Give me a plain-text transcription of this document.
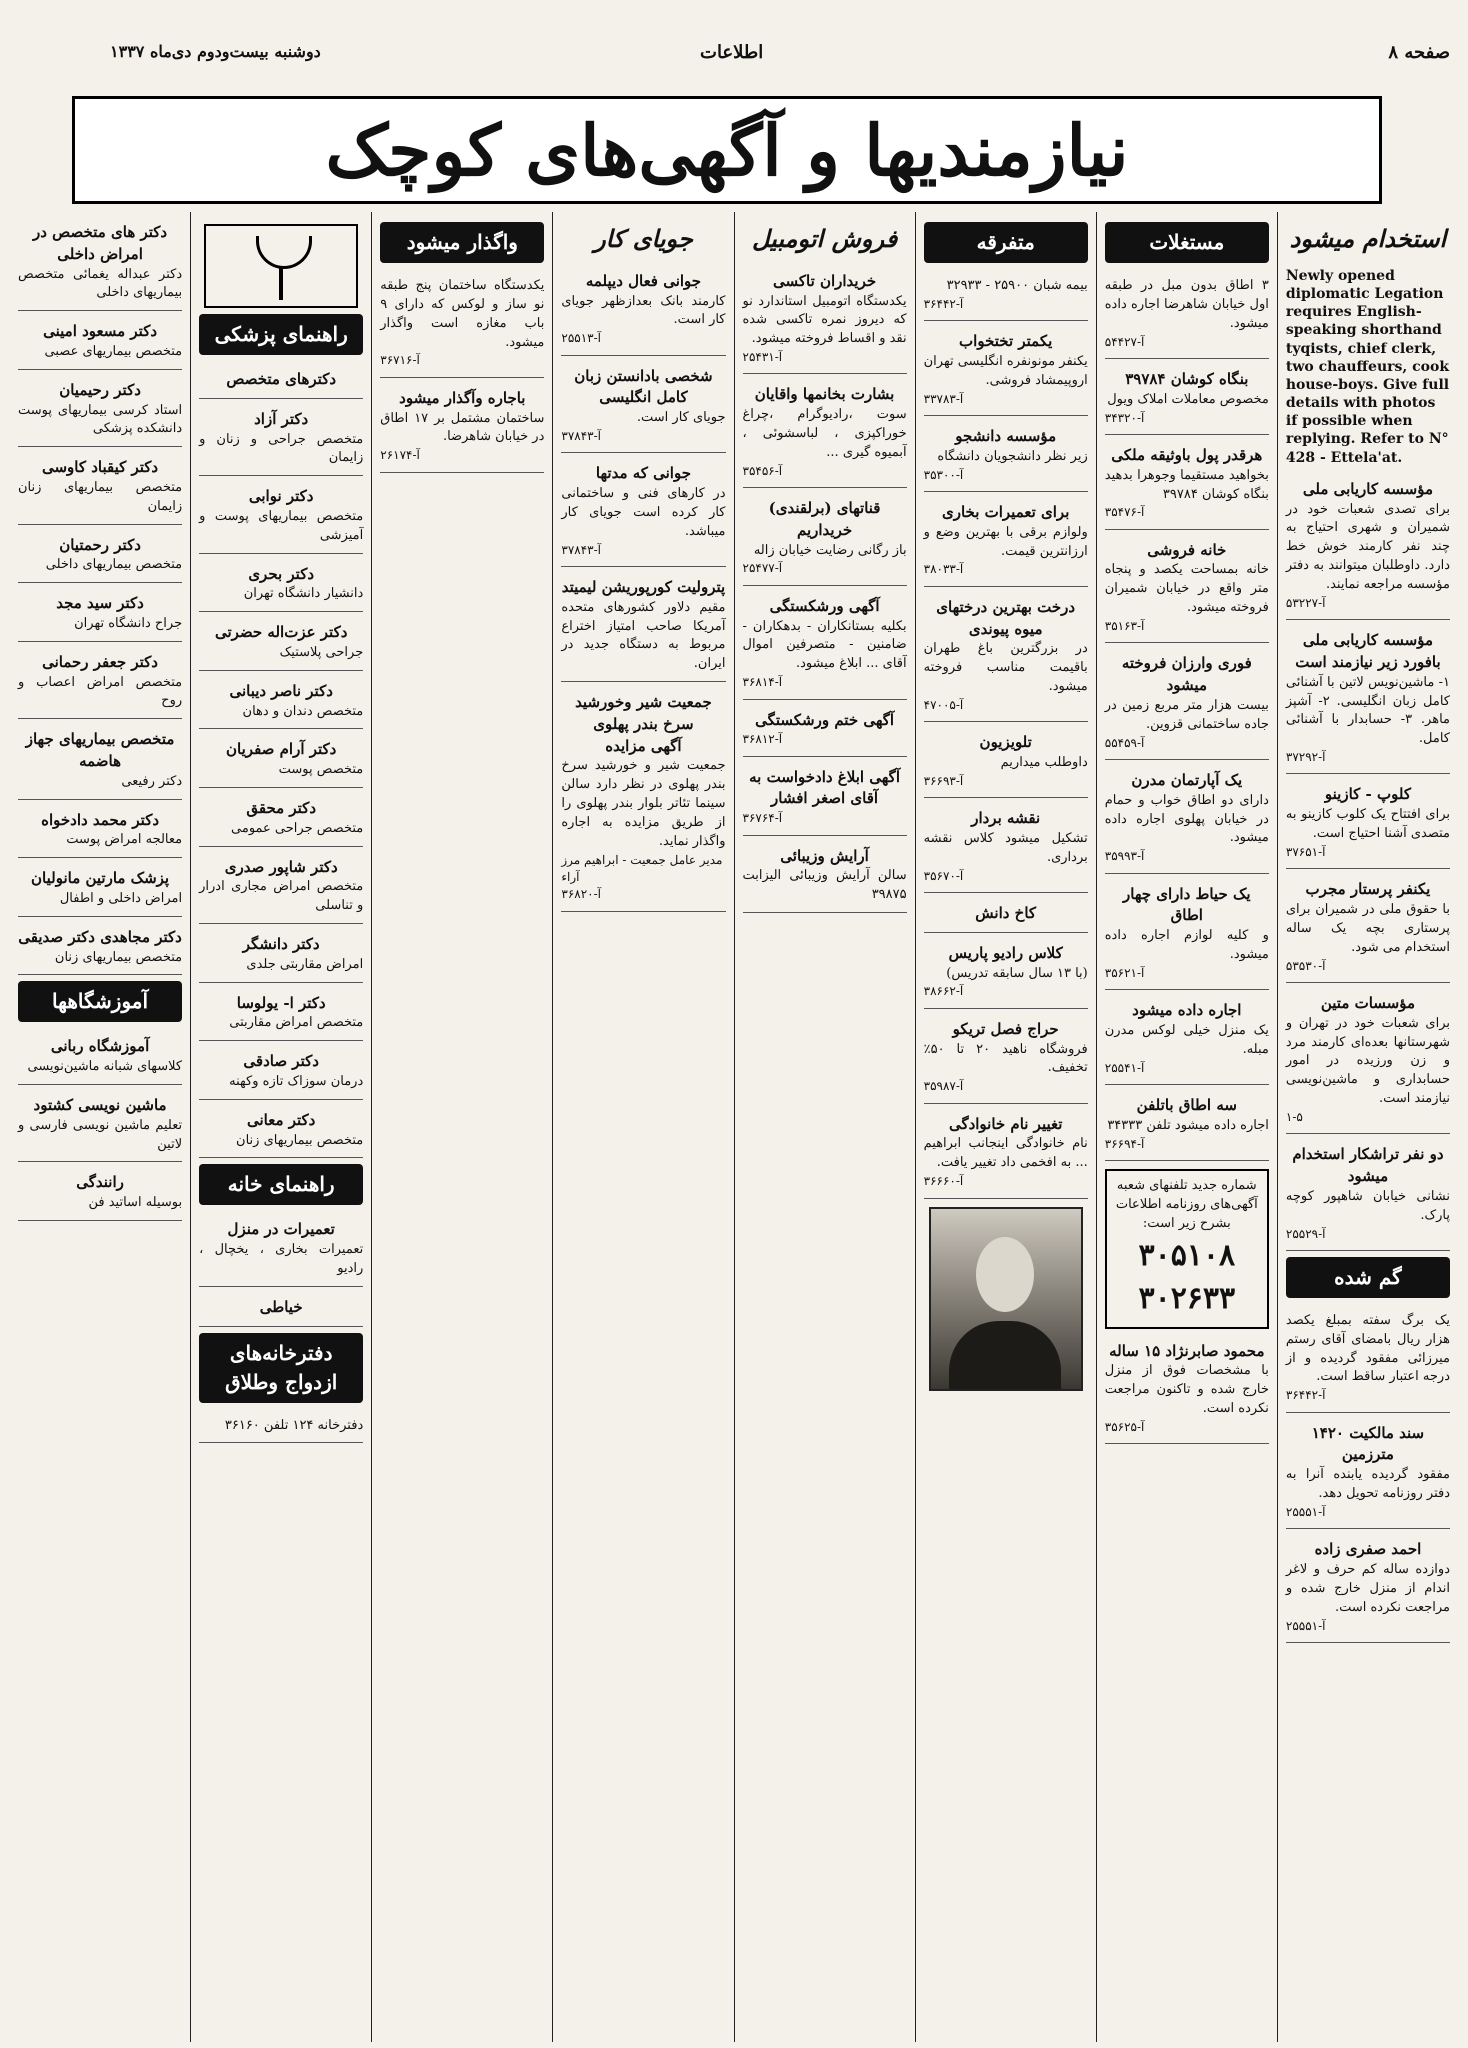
صفحه ۸
اطلاعات
دوشنبه بیست‌ودوم دی‌ماه ۱۳۳۷
نیازمندیها و آگهی‌های کوچک
استخدام میشود
Newly opened diplomatic Legation requires English-speaking shorthand tyqists, chief clerk, two chauffeurs, cook house-boys. Give full details with photos if possible when replying. Refer to N° 428 - Ettela'at.
مؤسسه کاریابی ملی
برای تصدی شعبات خود در شمیران و شهری احتیاج به چند نفر کارمند خوش خط دارد. داوطلبان میتوانند به دفتر مؤسسه مراجعه نمایند.
آ-۵۳۲۲۷
مؤسسه کاریابی ملی بافورد زیر نیازمند است
۱- ماشین‌نویس لاتین با آشنائی کامل زبان انگلیسی. ۲- آشپز ماهر. ۳- حسابدار با آشنائی کامل.
آ-۳۷۲۹۲
کلوپ - کازینو
برای افتتاح یک کلوب کازینو به متصدی آشنا احتیاج است.
آ-۳۷۶۵۱
یکنفر پرستار مجرب
با حقوق ملی در شمیران برای پرستاری بچه یک ساله استخدام می شود.
آ-۵۳۵۳۰
مؤسسات متین
برای شعبات خود در تهران و شهرستانها بعده‌ای کارمند مرد و زن ورزیده در امور حسابداری و ماشین‌نویسی نیازمند است.
۱-۵
دو نفر تراشکار استخدام میشود
نشانی خیابان شاهپور کوچه پارک.
آ-۲۵۵۲۹
گم شده
یک برگ سفته بمبلغ یکصد هزار ریال بامضای آقای رستم میرزائی مفقود گردیده و از درجه اعتبار ساقط است.
آ-۳۶۴۴۲
سند مالکیت ۱۴۲۰ مترزمین
مفقود گردیده یابنده آنرا به دفتر روزنامه تحویل دهد.
آ-۲۵۵۵۱
احمد صفری زاده
دوازده ساله کم حرف و لاغر اندام از منزل خارج شده و مراجعت نکرده است.
آ-۲۵۵۵۱
مستغلات
۳ اطاق بدون مبل در طبقه اول خیابان شاهرضا اجاره داده میشود.
آ-۵۴۴۲۷
بنگاه کوشان ۳۹۷۸۴
مخصوص معاملات املاک ویول
آ-۳۴۳۲۰
هرقدر پول باوثیقه ملکی
بخواهید مستقیما وجوهرا بدهید بنگاه کوشان ۳۹۷۸۴
آ-۳۵۴۷۶
خانه فروشی
خانه بمساحت یکصد و پنجاه متر واقع در خیابان شمیران فروخته میشود.
آ-۳۵۱۶۳
فوری وارزان فروخته میشود
بیست هزار متر مربع زمین در جاده ساختمانی قزوین.
آ-۵۵۴۵۹
یک آپارتمان مدرن
دارای دو اطاق خواب و حمام در خیابان پهلوی اجاره داده میشود.
آ-۳۵۹۹۳
یک حیاط دارای چهار اطاق
و کلیه لوازم اجاره داده میشود.
آ-۳۵۶۲۱
اجاره داده میشود
یک منزل خیلی لوکس مدرن مبله.
آ-۲۵۵۴۱
سه اطاق باتلفن
اجاره داده میشود تلفن ۳۴۳۳۳
آ-۳۶۶۹۴
شماره جدید تلفنهای شعبه آگهی‌های روزنامه اطلاعات
بشرح زیر است:
۳۰۵۱۰۸
۳۰۲۶۳۳
محمود صابرنژاد ۱۵ ساله
با مشخصات فوق از منزل خارج شده و تاکنون مراجعت نکرده است.
آ-۳۵۶۲۵
متفرقه
بیمه شبان ۲۵۹۰۰ - ۳۲۹۳۳
آ-۳۶۴۴۲
یکمتر تختخواب
یکنفر مونونفره انگلیسی تهران اروپیمشاد فروشی.
آ-۳۳۷۸۳
مؤسسه دانشجو
زیر نظر دانشجویان دانشگاه
آ-۳۵۳۰۰
برای تعمیرات بخاری
ولوازم برقی با بهترین وضع و ارزانترین قیمت.
آ-۳۸۰۳۳
درخت بهترین درختهای میوه پیوندی
در بزرگترین باغ طهران باقیمت مناسب فروخته میشود.
آ-۴۷۰۰۵
تلویزیون
داوطلب میداریم
آ-۳۶۶۹۳
نقشه بردار
تشکیل میشود کلاس نقشه برداری.
آ-۳۵۶۷۰
کاخ دانش
کلاس رادیو پاریس
(با ۱۳ سال سابقه تدریس)
آ-۳۸۶۶۲
حراج فصل تریکو
فروشگاه ناهید ۲۰ تا ۵۰٪ تخفیف.
آ-۳۵۹۸۷
تغییر نام خانوادگی
نام خانوادگی اینجانب ابراهیم ... به افخمی داد تغییر یافت.
آ-۳۶۶۶۰
فروش اتومبیل
خریداران تاکسی
یکدستگاه اتومبیل استاندارد نو که دیروز نمره تاکسی شده نقد و اقساط فروخته میشود.
آ-۲۵۴۳۱
بشارت بخانمها واقایان
سوت ،رادیوگرام ،چراغ خوراکپزی ، لباسشوئی ، آبمیوه گیری ...
آ-۳۵۴۵۶
قناتهای (برلقندی) خریداریم
باز رگانی رضایت خیابان زاله
آ-۲۵۴۷۷
آگهی ورشکستگی
بکلیه بستانکاران - بدهکاران - ضامنین - متصرفین اموال آقای ... ابلاغ میشود.
آ-۳۶۸۱۴
آگهی ختم ورشکستگی
آ-۳۶۸۱۲
آگهی ابلاغ دادخواست به آقای اصغر افشار
آ-۳۶۷۶۴
آرایش وزیبائی
سالن آرایش وزیبائی الیزابت ۳۹۸۷۵
جویای کار
جوانی فعال دیپلمه
کارمند بانک بعدازظهر جویای کار است.
آ-۲۵۵۱۳
شخصی بادانستن زبان کامل انگلیسی
جویای کار است.
آ-۳۷۸۴۳
جوانی که مدتها
در کارهای فنی و ساختمانی کار کرده است جویای کار میباشد.
آ-۳۷۸۴۳
پترولیت کورپوریشن لیمیتد
مقیم دلاور کشورهای متحده آمریکا صاحب امتیاز اختراع مربوط به دستگاه جدید در ایران.
جمعیت شیر وخورشید سرخ بندر پهلوی
آگهی مزایده
جمعیت شیر و خورشید سرخ بندر پهلوی در نظر دارد سالن سینما تئاتر بلوار بندر پهلوی را از طریق مزایده به اجاره واگذار نماید.
مدیر عامل جمعیت - ابراهیم مرز آراء
آ-۳۶۸۲۰
واگذار میشود
یکدستگاه ساختمان پنج طبقه نو ساز و لوکس که دارای ۹ باب مغازه است واگذار میشود.
آ-۳۶۷۱۶
باجاره وآگذار میشود
ساختمان مشتمل بر ۱۷ اطاق در خیابان شاهرضا.
آ-۲۶۱۷۴
راهنمای پزشکی
دکترهای متخصص
دکتر آزاد
متخصص جراحی و زنان و زایمان
دکتر نوابی
متخصص بیماریهای پوست و آمیزشی
دکتر بحری
دانشیار دانشگاه تهران
دکتر عزت‌اله حضرتی
جراحی پلاستیک
دکتر ناصر دیبانی
متخصص دندان و دهان
دکتر آرام صفریان
متخصص پوست
دکتر محقق
متخصص جراحی عمومی
دکتر شاپور صدری
متخصص امراض مجاری ادرار و تناسلی
دکتر دانشگر
امراض مقاربتی جلدی
دکتر ا- یولوسا
متخصص امراض مقاربتی
دکتر صادقی
درمان سوزاک تازه وکهنه
دکتر معانی
متخصص بیماریهای زنان
راهنمای خانه
تعمیرات در منزل
تعمیرات بخاری ، یخچال ، رادیو
خیاطی
دفترخانه‌های ازدواج وطلاق
دفترخانه ۱۲۴ تلفن ۳۶۱۶۰
دکتر های متخصص در امراض داخلی
دکتر عبداله یغمائی متخصص بیماریهای داخلی
دکتر مسعود امینی
متخصص بیماریهای عصبی
دکتر رحیمیان
استاد کرسی بیماریهای پوست دانشکده پزشکی
دکتر کیقباد کاوسی
متخصص بیماریهای زنان زایمان
دکتر رحمتیان
متخصص بیماریهای داخلی
دکتر سید مجد
جراح دانشگاه تهران
دکتر جعفر رحمانی
متخصص امراض اعصاب و روح
متخصص بیماریهای جهاز هاضمه
دکتر رفیعی
دکتر محمد دادخواه
معالجه امراض پوست
پزشک مارتین مانولیان
امراض داخلی و اطفال
دکتر مجاهدی دکتر صدیقی
متخصص بیماریهای زنان
آموزشگاهها
آموزشگاه ربانی
کلاسهای شبانه ماشین‌نویسی
ماشین نویسی کشتود
تعلیم ماشین نویسی فارسی و لاتین
رانندگی
بوسیله اساتید فن
